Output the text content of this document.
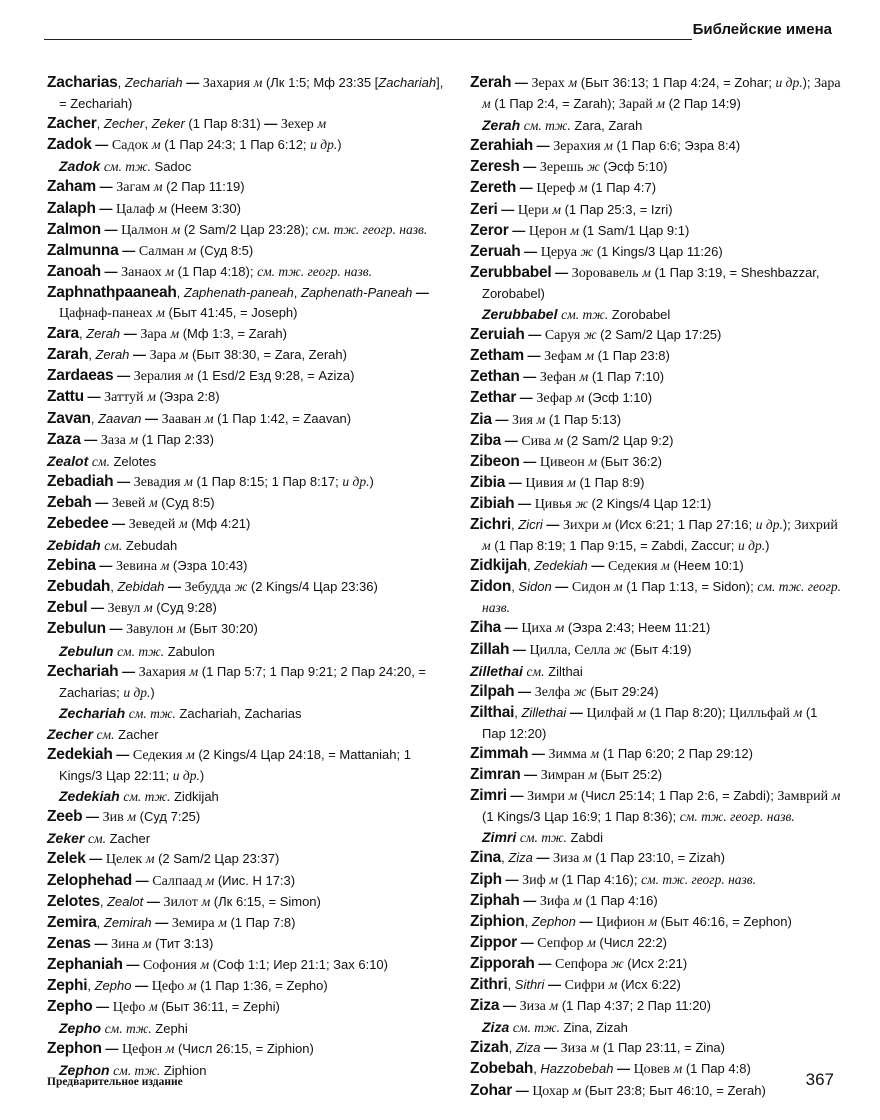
Библейские имена

Zacharias, Zechariah — Захария м (Лк 1:5; Мф 23:35 [Zachariah], = Zechariah)

Zacher, Zecher, Zeker (1 Пар 8:31) — Зехер м

Zadok — Садок м (1 Пар 24:3; 1 Пар 6:12; и др.)

Zadok см. тж. Sadoc

Zaham — Загам м (2 Пар 11:19)

Zalaph — Цалаф м (Неем 3:30)

Zalmon — Цалмон м (2 Sam/2 Цар 23:28); см. тж. геогр. назв.

Zalmunna — Салман м (Суд 8:5)

Zanoah — Занаох м (1 Пар 4:18); см. тж. геогр. назв.

Zaphnathpaaneah, Zaphenath-paneah, Zaphenath-Paneah — Цафнаф-панеах м (Быт 41:45, = Joseph)

Zara, Zerah — Зара м (Мф 1:3, = Zarah)

Zarah, Zerah — Зара м (Быт 38:30, = Zara, Zerah)

Zardaeas — Зералия м (1 Esd/2 Езд 9:28, = Aziza)

Zattu — Заттуй м (Эзра 2:8)

Zavan, Zaavan — Зааван м (1 Пар 1:42, = Zaavan)

Zaza — Заза м (1 Пар 2:33)

Zealot см. Zelotes

Zebadiah — Зевадия м (1 Пар 8:15; 1 Пар 8:17; и др.)

Zebah — Зевей м (Суд 8:5)

Zebedee — Зеведей м (Мф 4:21)

Zebidah см. Zebudah

Zebina — Зевина м (Эзра 10:43)

Zebudah, Zebidah — Зебудда ж (2 Kings/4 Цар 23:36)

Zebul — Зевул м (Суд 9:28)

Zebulun — Завулон м (Быт 30:20)

Zebulun см. тж. Zabulon

Zechariah — Захария м (1 Пар 5:7; 1 Пар 9:21; 2 Пар 24:20, = Zacharias; и др.)

Zechariah см. тж. Zachariah, Zacharias

Zecher см. Zacher

Zedekiah — Седекия м (2 Kings/4 Цар 24:18, = Mattaniah; 1 Kings/3 Цар 22:11; и др.)

Zedekiah см. тж. Zidkijah

Zeeb — Зив м (Суд 7:25)

Zeker см. Zacher

Zelek — Целек м (2 Sam/2 Цар 23:37)

Zelophehad — Салпаад м (Иис. Н 17:3)

Zelotes, Zealot — Зилот м (Лк 6:15, = Simon)

Zemira, Zemirah — Земира м (1 Пар 7:8)

Zenas — Зина м (Тит 3:13)

Zephaniah — Софония м (Соф 1:1; Иер 21:1; Зах 6:10)

Zephi, Zepho — Цефо м (1 Пар 1:36, = Zepho)

Zepho — Цефо м (Быт 36:11, = Zephi)

Zepho см. тж. Zephi

Zephon — Цефон м (Числ 26:15, = Ziphion)

Zephon см. тж. Ziphion

Zerah — Зерах м (Быт 36:13; 1 Пар 4:24, = Zohar; и др.); Зара м (1 Пар 2:4, = Zarah); Зарай м (2 Пар 14:9)

Zerah см. тж. Zara, Zarah

Zerahiah — Зерахия м (1 Пар 6:6; Эзра 8:4)

Zeresh — Зерешь ж (Эсф 5:10)

Zereth — Цереф м (1 Пар 4:7)

Zeri — Цери м (1 Пар 25:3, = Izri)

Zeror — Церон м (1 Sam/1 Цар 9:1)

Zeruah — Церуа ж (1 Kings/3 Цар 11:26)

Zerubbabel — Зоровавель м (1 Пар 3:19, = Sheshbazzar, Zorobabel)

Zerubbabel см. тж. Zorobabel

Zeruiah — Саруя ж (2 Sam/2 Цар 17:25)

Zetham — Зефам м (1 Пар 23:8)

Zethan — Зефан м (1 Пар 7:10)

Zethar — Зефар м (Эсф 1:10)

Zia — Зия м (1 Пар 5:13)

Ziba — Сива м (2 Sam/2 Цар 9:2)

Zibeon — Цивеон м (Быт 36:2)

Zibia — Цивия м (1 Пар 8:9)

Zibiah — Цивья ж (2 Kings/4 Цар 12:1)

Zichri, Zicri — Зихри м (Исх 6:21; 1 Пар 27:16; и др.); Зихрий м (1 Пар 8:19; 1 Пар 9:15, = Zabdi, Zaccur; и др.)

Zidkijah, Zedekiah — Седекия м (Неем 10:1)

Zidon, Sidon — Сидон м (1 Пар 1:13, = Sidon); см. тж. геогр. назв.

Ziha — Циха м (Эзра 2:43; Неем 11:21)

Zillah — Цилла, Селла ж (Быт 4:19)

Zillethai см. Zilthai

Zilpah — Зелфа ж (Быт 29:24)

Zilthai, Zillethai — Цилфай м (1 Пар 8:20); Цилльфай м (1 Пар 12:20)

Zimmah — Зимма м (1 Пар 6:20; 2 Пар 29:12)

Zimran — Зимран м (Быт 25:2)

Zimri — Зимри м (Числ 25:14; 1 Пар 2:6, = Zabdi); Замврий м (1 Kings/3 Цар 16:9; 1 Пар 8:36); см. тж. геогр. назв.

Zimri см. тж. Zabdi

Zina, Ziza — Зиза м (1 Пар 23:10, = Zizah)

Ziph — Зиф м (1 Пар 4:16); см. тж. геогр. назв.

Ziphah — Зифа м (1 Пар 4:16)

Ziphion, Zephon — Цифион м (Быт 46:16, = Zephon)

Zippor — Сепфор м (Числ 22:2)

Zipporah — Сепфора ж (Исх 2:21)

Zithri, Sithri — Сифри м (Исх 6:22)

Ziza — Зиза м (1 Пар 4:37; 2 Пар 11:20)

Ziza см. тж. Zina, Zizah

Zizah, Ziza — Зиза м (1 Пар 23:11, = Zina)

Zobebah, Hazzobebah — Цовев м (1 Пар 4:8)

Zohar — Цохар м (Быт 23:8; Быт 46:10, = Zerah)

Предварительное издание	367
